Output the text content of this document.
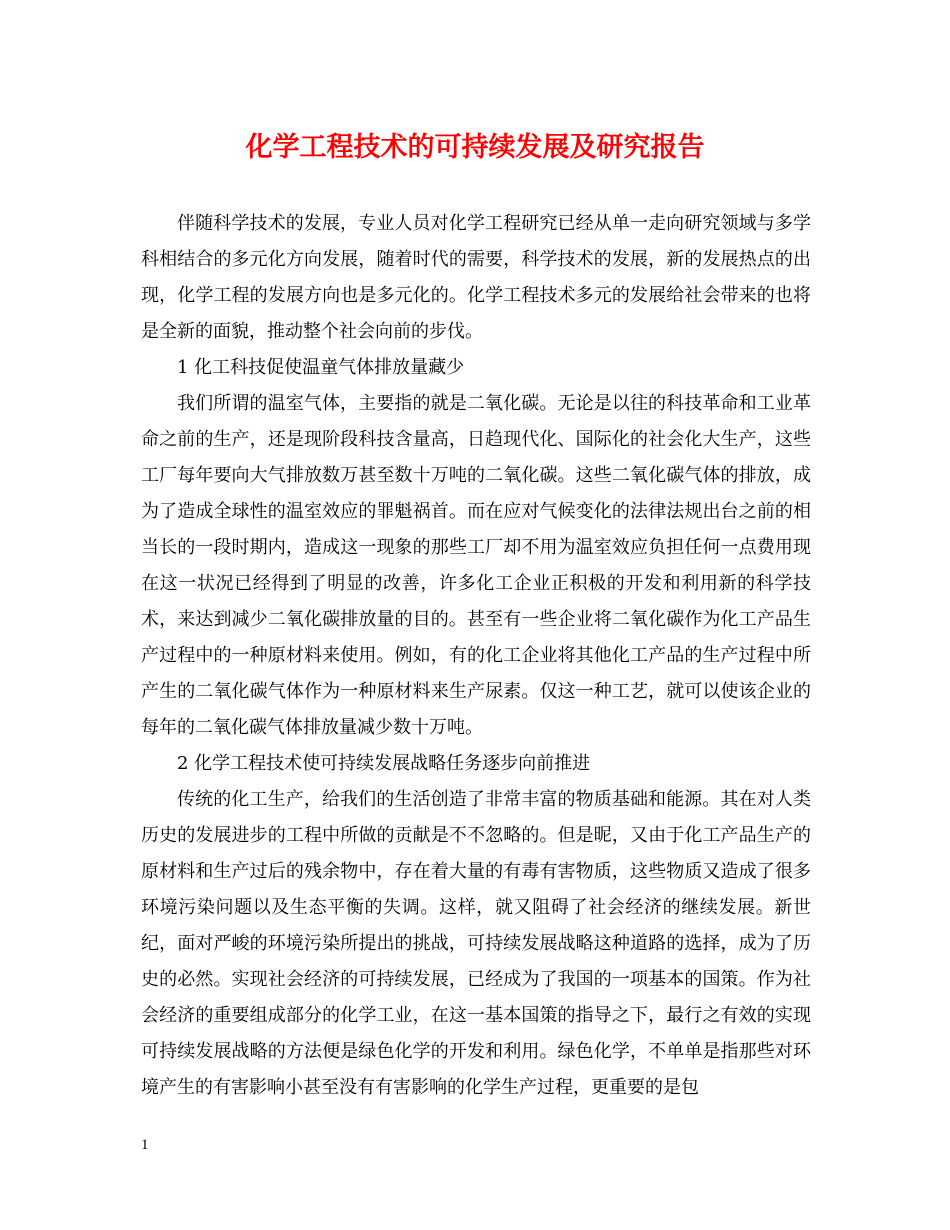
化学工程技术的可持续发展及研究报告

伴随科学技术的发展，专业人员对化学工程研究已经从单一走向研究领域与多学科相结合的多元化方向发展，随着时代的需要，科学技术的发展，新的发展热点的出现，化学工程的发展方向也是多元化的。化学工程技术多元的发展给社会带来的也将是全新的面貌，推动整个社会向前的步伐。

1 化工科技促使温童气体排放量藏少

我们所谓的温室气体，主要指的就是二氧化碳。无论是以往的科技革命和工业革命之前的生产，还是现阶段科技含量高，日趋现代化、国际化的社会化大生产，这些工厂每年要向大气排放数万甚至数十万吨的二氧化碳。这些二氧化碳气体的排放，成为了造成全球性的温室效应的罪魁祸首。而在应对气候变化的法律法规出台之前的相当长的一段时期内，造成这一现象的那些工厂却不用为温室效应负担任何一点费用现在这一状况已经得到了明显的改善，许多化工企业正积极的开发和利用新的科学技术，来达到减少二氧化碳排放量的目的。甚至有一些企业将二氧化碳作为化工产品生产过程中的一种原材料来使用。例如，有的化工企业将其他化工产品的生产过程中所产生的二氧化碳气体作为一种原材料来生产尿素。仅这一种工艺，就可以使该企业的每年的二氧化碳气体排放量减少数十万吨。

2 化学工程技术使可持续发展战略任务逐步向前推进

传统的化工生产，给我们的生活创造了非常丰富的物质基础和能源。其在对人类历史的发展进步的工程中所做的贡献是不不忽略的。但是昵，又由于化工产品生产的原材料和生产过后的残余物中，存在着大量的有毒有害物质，这些物质又造成了很多环境污染问题以及生态平衡的失调。这样，就又阻碍了社会经济的继续发展。新世纪，面对严峻的环境污染所提出的挑战，可持续发展战略这种道路的选择，成为了历史的必然。实现社会经济的可持续发展，已经成为了我国的一项基本的国策。作为社会经济的重要组成部分的化学工业，在这一基本国策的指导之下，最行之有效的实现可持续发展战略的方法便是绿色化学的开发和利用。绿色化学，不单单是指那些对环境产生的有害影响小甚至没有有害影响的化学生产过程，更重要的是包

1
